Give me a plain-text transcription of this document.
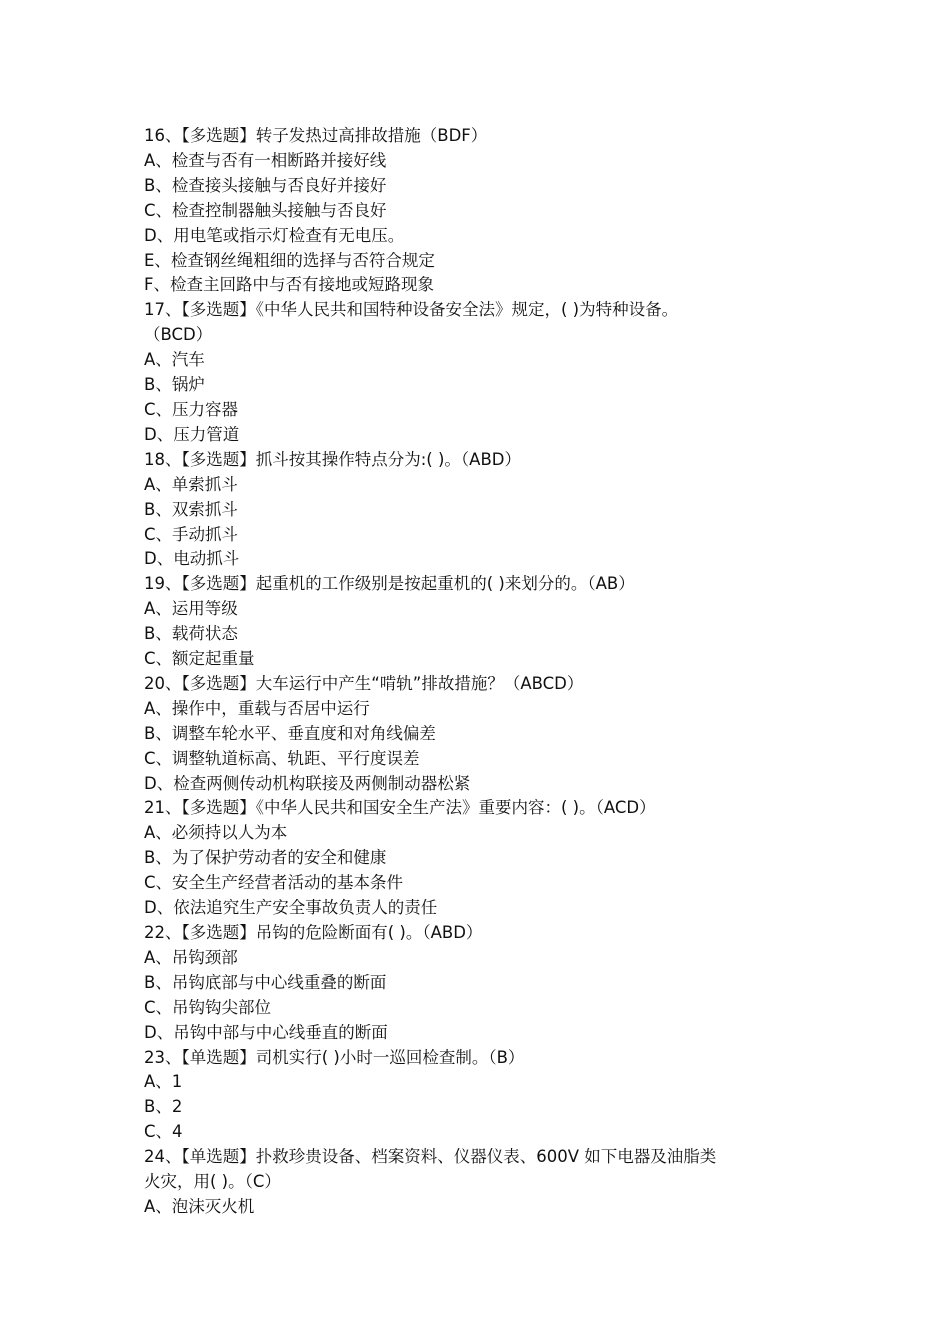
16、【多选题】转子发热过高排故措施（BDF）
A、检查与否有一相断路并接好线
B、检查接头接触与否良好并接好
C、检查控制器触头接触与否良好
D、用电笔或指示灯检查有无电压。
E、检查钢丝绳粗细的选择与否符合规定
F、检查主回路中与否有接地或短路现象
17、【多选题】《中华人民共和国特种设备安全法》规定，( )为特种设备。
（BCD）
A、汽车
B、锅炉
C、压力容器
D、压力管道
18、【多选题】抓斗按其操作特点分为:( )。（ABD）
A、单索抓斗
B、双索抓斗
C、手动抓斗
D、电动抓斗
19、【多选题】起重机的工作级别是按起重机的( )来划分的。（AB）
A、运用等级
B、载荷状态
C、额定起重量
20、【多选题】大车运行中产生“啃轨”排故措施？（ABCD）
A、操作中，重载与否居中运行
B、调整车轮水平、垂直度和对角线偏差
C、调整轨道标高、轨距、平行度误差
D、检查两侧传动机构联接及两侧制动器松紧
21、【多选题】《中华人民共和国安全生产法》重要内容：( )。（ACD）
A、必须持以人为本
B、为了保护劳动者的安全和健康
C、安全生产经营者活动的基本条件
D、依法追究生产安全事故负责人的责任
22、【多选题】吊钩的危险断面有( )。（ABD）
A、吊钩颈部
B、吊钩底部与中心线重叠的断面
C、吊钩钩尖部位
D、吊钩中部与中心线垂直的断面
23、【单选题】司机实行( )小时一巡回检查制。（B）
A、1
B、2
C、4
24、【单选题】扑救珍贵设备、档案资料、仪器仪表、600V 如下电器及油脂类
火灾，用( )。（C）
A、泡沫灭火机
